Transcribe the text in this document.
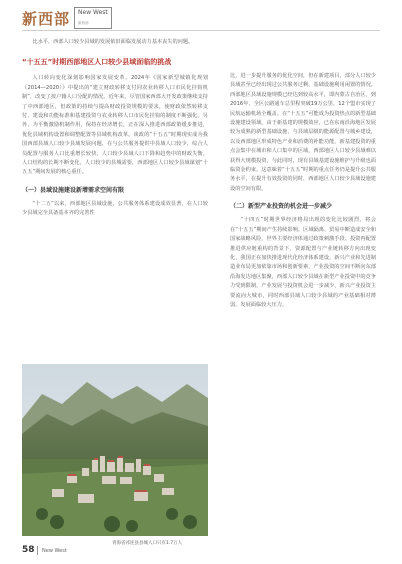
新西部 New West
新西部

比水平，西部人口较少县域的发展依旧面临发展动力基本丧失的问题。

“十五五”时期西部地区人口较少县域面临的挑战

人口转向变化深刻影响国家发展变革。2024年《国家新型城镇化规划（2014—2020）》中提出的“建立财政转移支付同农业转移人口市民化挂钩机制”，改变了按户籍人口分配的情况。近年来，尽管国家西部大开发政策继续支持了中西部地区，但政策的持续与提高财政投资规模的要求，使财政依然转移支付，建设和功能标准和基建投资与农业转移人口市民化挂钩的制度不断强化。另外，为平衡激励机制作用，保持在经济增长，正在深入推进西部政策缓步推进，优化县域机构设置和调整配置等县域机构改革。谈政的“十五五”时期现实成为我国西部县域人口较少县域发展问题，在与公共服务提供中县域人口较少，综合人员配置与服务人口比重增长较快，人口较少县域人口下降和趋势中的财政失衡。人口结构的长期不断变化，人口较少的县城需要，西部地区人口较少县域谋划“十五五”期间发展的核心重任。

（一）县域设施建设新增需求空间有限

“十二五”以来，西部地区县域设施、公共服务体系建设成效显著，在人口较少县域完全具备基本齐的完善性

青海省祁连县县城人口只有1.7万人

比，进一步提升服务的优化空间，但在新建项目，部分人口较少县域甚至已经出现过公共服务过剩、基础设施利用闲置的情况。西部地区县域设施规模已经达到较高水平，即内蒙古自治区，到2016年，全区公路通车总里程突破19万公里，12个盟市实现了民航运输机场全覆盖。在“十五五”可能成为投资热点的新型基础设施建设领域，由于新基建的规模效应，已在东南沿海地区发展较为成熟的新型基础设施，与县域层级的能源配置与城乡建设，以及西部地区形成特色产业和消费的补能功能，新基建投资的重点会集中在城市和人口集中的区域，西部地区人口较少县域难以获得大规模投资，与此同时，现有县域基建设施维护与升级也面临资金约束。这意味着“十五五”时期的重点任务仍是提升公共服务水平，在提升有效投资的同时，西部地区人口较少县域设施建设的空间有限。

（二）新型产业投资的机会进一步减少

“十四五”时期世界经济格局出现的变化比较剧烈，将会在“十五五”期间产生持续影响。区域隔离、贸易中断造成安全和国家战略风险，世界主要经济体通过政策刺激手段、投资再配置推进供应链重构的背景下，资源配置与产业链转移方向出现变化，我国正在加快推进现代化经济体系建设，新兴产业和先进制造业布局更加依靠市场和创新要素，产业投资的空间不断向东部沿海发达地区集聚，西部人口较少县域在新型产业投资中的竞争力受到限制，产业发展与投资机会进一步减少，新兴产业投资主要流向大城市，同时西部县域人口较少县域的产业基础相对薄弱，发展面临较大压力。

58 New West
